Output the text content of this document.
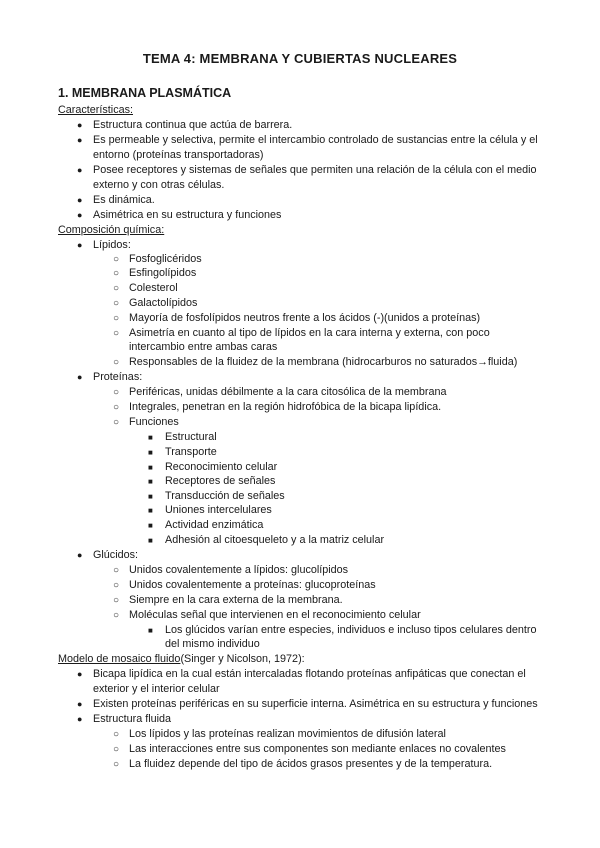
TEMA 4: MEMBRANA Y CUBIERTAS NUCLEARES
1. MEMBRANA PLASMÁTICA
Características:
● Estructura continua que actúa de barrera.
● Es permeable y selectiva, permite el intercambio controlado de sustancias entre la célula y el
entorno (proteínas transportadoras)
● Posee receptores y sistemas de señales que permiten una relación de la célula con el medio
externo y con otras células.
● Es dinámica.
● Asimétrica en su estructura y funciones
Composición química:
● Lípidos:
○ Fosfoglicéridos
○ Esfingolípidos
○ Colesterol
○ Galactolípidos
○ Mayoría de fosfolípidos neutros frente a los ácidos (-)(unidos a proteínas)
○ Asimetría en cuanto al tipo de lípidos en la cara interna y externa, con poco
intercambio entre ambas caras
○ Responsables de la fluidez de la membrana (hidrocarburos no saturados→fluida)
● Proteínas:
○ Periféricas, unidas débilmente a la cara citosólica de la membrana
○ Integrales, penetran en la región hidrofóbica de la bicapa lipídica.
○ Funciones
■ Estructural
■ Transporte
■ Reconocimiento celular
■ Receptores de señales
■ Transducción de señales
■ Uniones intercelulares
■ Actividad enzimática
■ Adhesión al citoesqueleto y a la matriz celular
● Glúcidos:
○ Unidos covalentemente a lípidos: glucolípidos
○ Unidos covalentemente a proteínas: glucoproteínas
○ Siempre en la cara externa de la membrana.
○ Moléculas señal que intervienen en el reconocimiento celular
■ Los glúcidos varían entre especies, individuos e incluso tipos celulares dentro
del mismo individuo
Modelo de mosaico fluido(Singer y Nicolson, 1972):
● Bicapa lipídica en la cual están intercaladas flotando proteínas anfipáticas que conectan el
exterior y el interior celular
● Existen proteínas periféricas en su superficie interna. Asimétrica en su estructura y funciones
● Estructura fluida
○ Los lípidos y las proteínas realizan movimientos de difusión lateral
○ Las interacciones entre sus componentes son mediante enlaces no covalentes
○ La fluidez depende del tipo de ácidos grasos presentes y de la temperatura.
